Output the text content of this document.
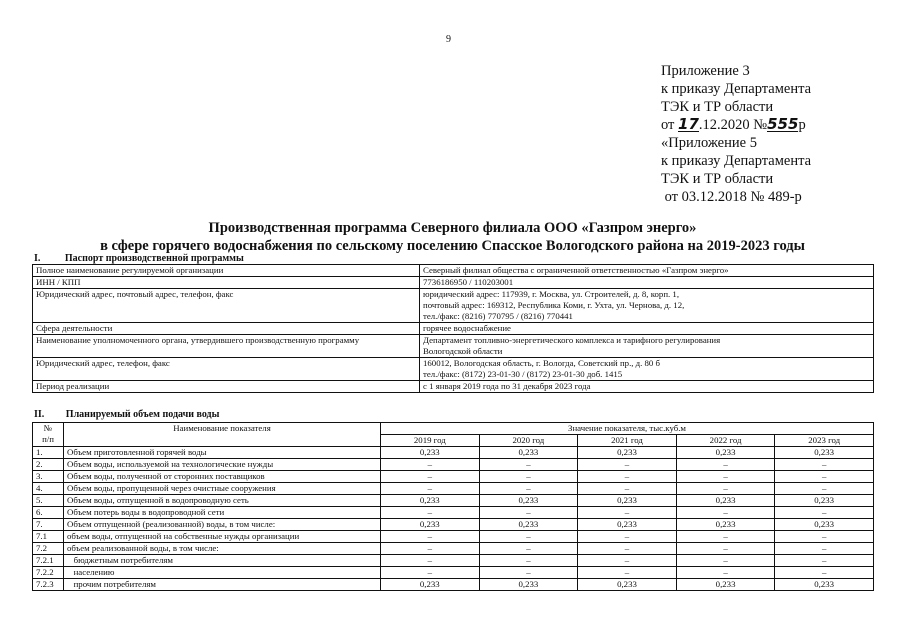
9
Приложение 3
к приказу Департамента
ТЭК и ТР области
от 17.12.2020 №555р
«Приложение 5
к приказу Департамента
ТЭК и ТР области
от 03.12.2018 № 489-р
Производственная программа Северного филиала ООО «Газпром энерго»
в сфере горячего водоснабжения по сельскому поселению Спасское Вологодского района на 2019-2023 годы
I. Паспорт производственной программы
Полное наименование регулируемой организации	Северный филиал общества с ограниченной ответственностью «Газпром энерго»

ИНН / КПП	7736186950 / 110203001

Юридический адрес, почтовый адрес, телефон, факс	юридический адрес: 117939, г. Москва, ул. Строителей, д. 8, корп. 1,
почтовый адрес: 169312, Республика Коми, г. Ухта, ул. Чернова, д. 12,
тел./факс: (8216) 770795 / (8216) 770441

Сфера деятельности	горячее водоснабжение

Наименование уполномоченного органа, утвердившего производственную программу	Департамент топливно-энергетического комплекса и тарифного регулирования
Вологодской области

Юридический адрес, телефон, факс	160012, Вологодская область, г. Вологда, Советский пр., д. 80 б
тел./факс: (8172) 23-01-30 / (8172) 23-01-30 доб. 1415

Период реализации	с 1 января 2019 года по 31 декабря 2023 года
II. Планируемый объем подачи воды
№
п/п	Наименование показателя	Значение показателя, тыс.куб.м				
		2019 год	2020 год	2021 год	2022 год	2023 год
1.	Объем приготовленной горячей воды	0,233	0,233	0,233	0,233	0,233
2.	Объем воды, используемой на технологические нужды	–	–	–	–	–
3.	Объем воды, полученной от сторонних поставщиков	–	–	–	–	–
4.	Объем воды, пропущенной через очистные сооружения	–	–	–	–	–
5.	Объем воды, отпущенной в водопроводную сеть	0,233	0,233	0,233	0,233	0,233
6.	Объем потерь воды в водопроводной сети	–	–	–	–	–
7.	Объем отпущенной (реализованной) воды, в том числе:	0,233	0,233	0,233	0,233	0,233
7.1	объем воды, отпущенной на собственные нужды организации	–	–	–	–	–
7.2	объем реализованной воды, в том числе:	–	–	–	–	–
7.2.1	бюджетным потребителям	–	–	–	–	–
7.2.2	населению	–	–	–	–	–
7.2.3	прочим потребителям	0,233	0,233	0,233	0,233	0,233
